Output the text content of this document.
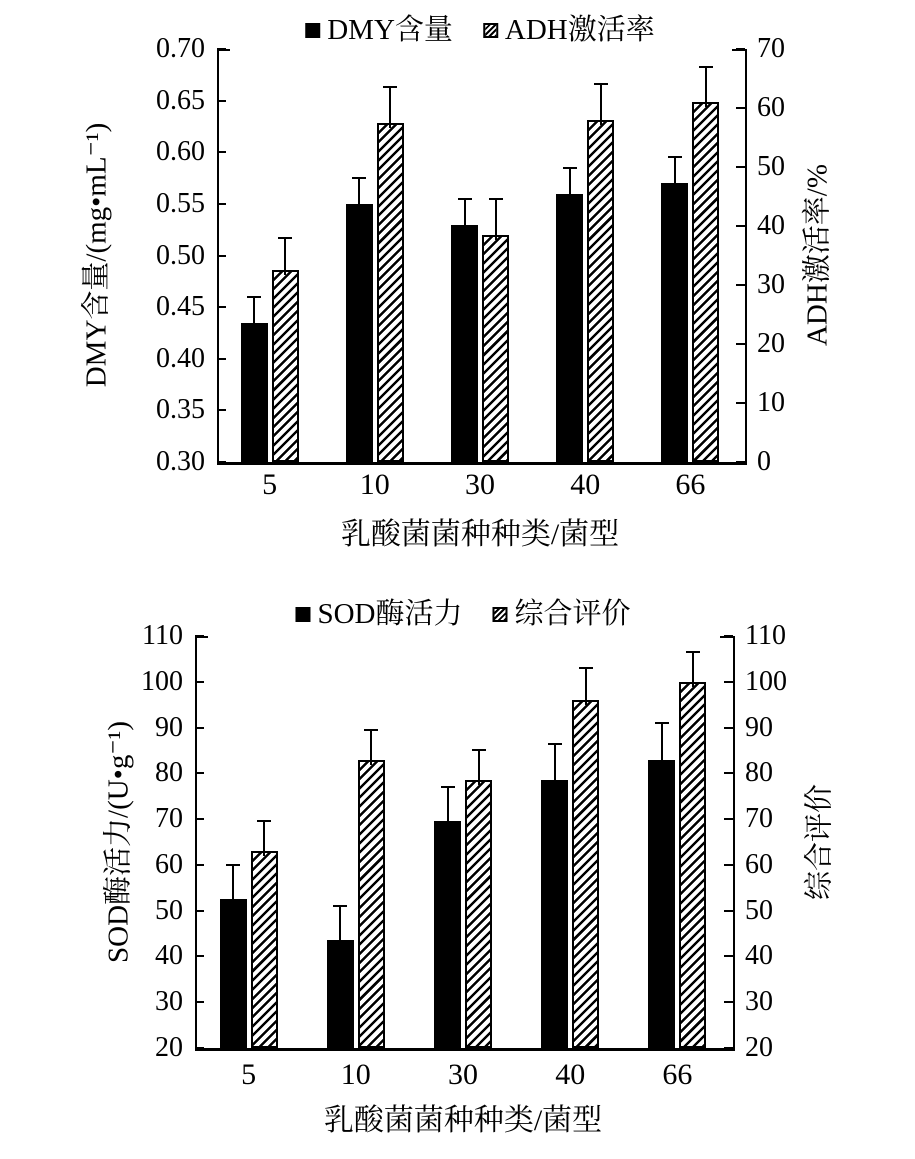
0.70
0.65
0.60
0.55
0.50
0.45
0.40
0.35
0.30
DMY含量/(mg•mL⁻¹)
70
60
50
40
30
20
10
0
ADH激活率/%
5	10	30	40	66
乳酸菌菌种种类/菌型
DMY含量 ADH激活率
110
100
90
80
70
60
50
40
30
20
SOD酶活力/(U•g⁻¹)
110
100
90
80
70
60
50
40
30
20
综合评价
5	10	30	40	66
乳酸菌菌种种类/菌型
SOD酶活力 综合评价
